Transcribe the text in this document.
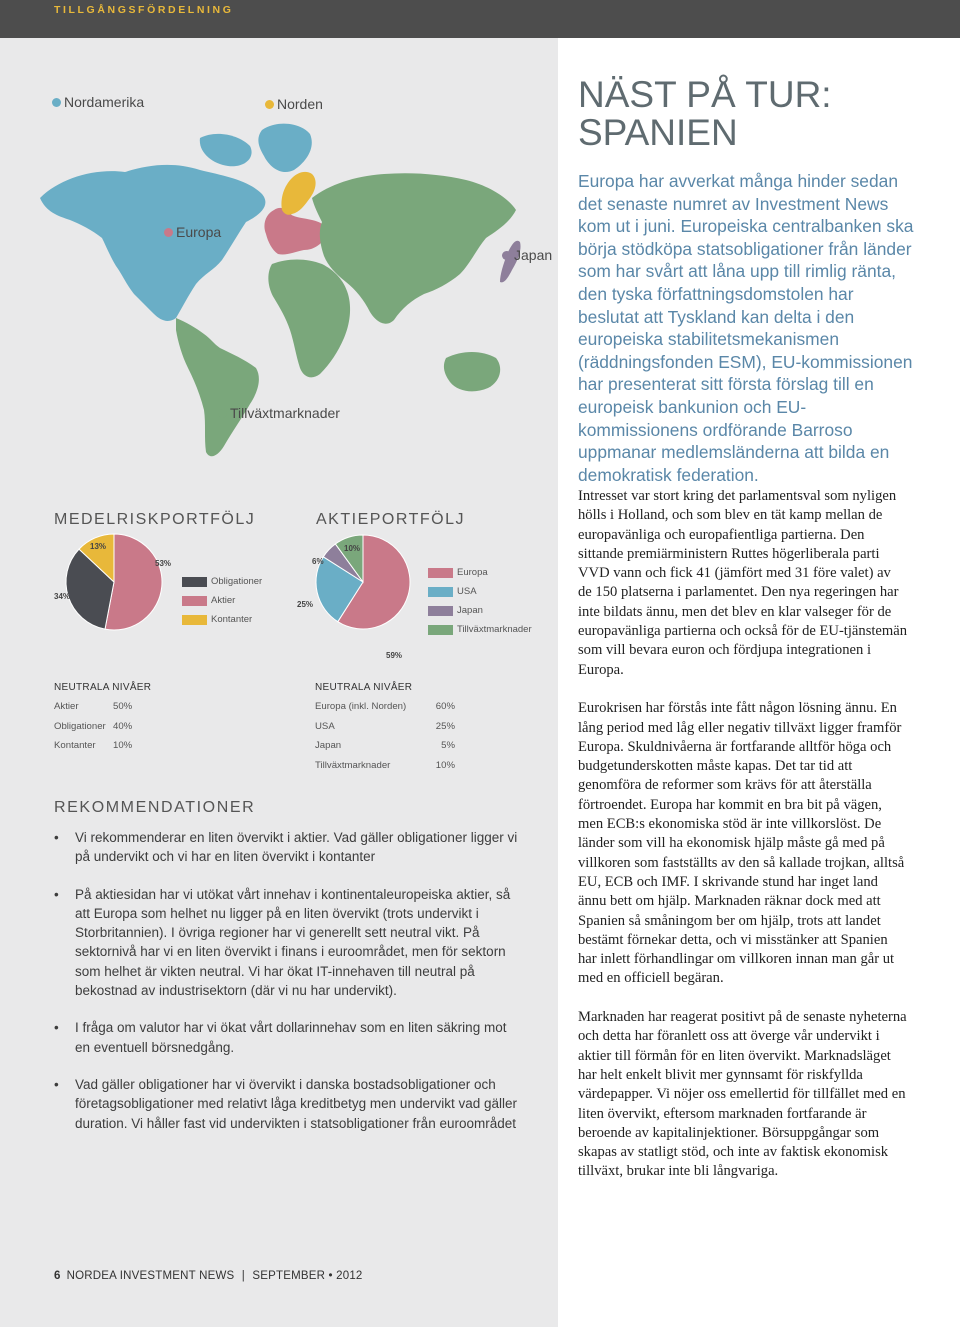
TILLGÅNGSFÖRDELNING
Nordamerika	Norden
Europa
Japan
Tillväxtmarknader
NÄST PÅ TUR:
SPANIEN

Europa har avverkat många hinder sedan det senaste numret av Investment News kom ut i juni. Europeiska centralbanken ska börja stödköpa statsobligationer från länder som har svårt att låna upp till rimlig ränta, den tyska författningsdomstolen har beslutat att Tyskland kan delta i den europeiska stabilitetsmekanismen (räddningsfonden ESM), EU-kommissionen har presenterat sitt första förslag till en europeisk bankunion och EU-kommissionens ordförande Barroso uppmanar medlemsländerna att bilda en demokratisk federation.

MEDELRISKPORTFÖLJ
34%
53%
13%
Obligationer
Aktier
Kontanter
AKTIEPORTFÖLJ
59%
25%
6%
10%
Europa
USA
Japan
Tillväxtmarknader
NEUTRALA NIVÅER
Aktier	50%
Obligationer 40%
Kontanter 10%
NEUTRALA NIVÅER
Europa (inkl. Norden)	60%
USA	25%
Japan	5%
Tillväxtmarknader	10%
REKOMMENDATIONER
• Vi rekommenderar en liten övervikt i aktier. Vad gäller obligationer ligger vi på undervikt och vi har en liten övervikt i kontanter
• På aktiesidan har vi utökat vårt innehav i kontinentaleuropeiska aktier, så att Europa som helhet nu ligger på en liten övervikt (trots undervikt i Storbritannien). I övriga regioner har vi generellt sett neutral vikt. På sektornivå har vi en liten övervikt i finans i euroområdet, men för sektorn som helhet är vikten neutral. Vi har ökat IT-innehaven till neutral på bekostnad av industrisektorn (där vi nu har undervikt).
• I fråga om valutor har vi ökat vårt dollarinnehav som en liten säkring mot en eventuell börsnedgång.
• Vad gäller obligationer har vi övervikt i danska bostadsobligationer och företagsobligationer med relativt låga kreditbetyg men undervikt vad gäller duration. Vi håller fast vid undervikten i statsobligationer från euroområdet
6 NORDEA INVESTMENT NEWS | SEPTEMBER • 2012

Intresset var stort kring det parlamentsval som nyligen hölls i Holland, och som blev en tät kamp mellan de europavänliga och europafientliga partierna. Den sittande premiärministern Ruttes högerliberala parti VVD vann och fick 41 (jämfört med 31 före valet) av de 150 platserna i parlamentet. Den nya regeringen har inte bildats ännu, men det blev en klar valseger för de europavänliga partierna och också för de EU-tjänstemän som vill bevara euron och fördjupa integrationen i Europa.

Eurokrisen har förstås inte fått någon lösning ännu. En lång period med låg eller negativ tillväxt ligger framför Europa. Skuldnivåerna är fortfarande alltför höga och budgetunderskotten måste kapas. Det tar tid att genomföra de reformer som krävs för att återställa förtroendet. Europa har kommit en bra bit på vägen, men ECB:s ekonomiska stöd är inte villkorslöst. De länder som vill ha ekonomisk hjälp måste gå med på villkoren som fastställts av den så kallade trojkan, alltså EU, ECB och IMF. I skrivande stund har inget land ännu bett om hjälp. Marknaden räknar dock med att Spanien så småningom ber om hjälp, trots att landet bestämt förnekar detta, och vi misstänker att Spanien har inlett förhandlingar om villkoren innan man går ut med en officiell begäran.

Marknaden har reagerat positivt på de senaste nyheterna och detta har föranlett oss att överge vår undervikt i aktier till förmån för en liten övervikt. Marknadsläget har helt enkelt blivit mer gynnsamt för riskfyllda värdepapper. Vi nöjer oss emellertid för tillfället med en liten övervikt, eftersom marknaden fortfarande är beroende av kapitalinjektioner. Börsuppgångar som skapas av statligt stöd, och inte av faktisk ekonomisk tillväxt, brukar inte bli långvariga.
